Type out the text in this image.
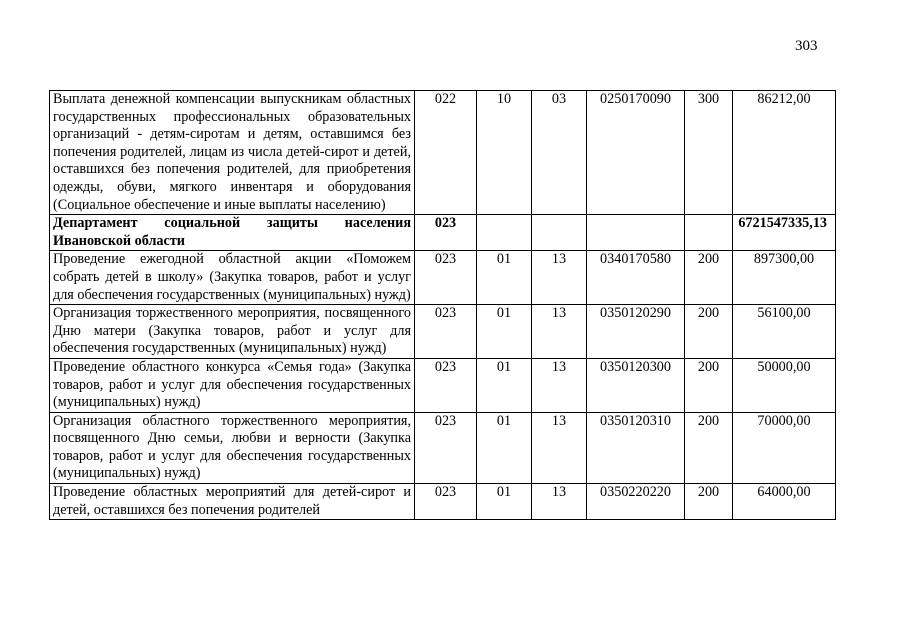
303
Выплата денежной компенсации выпускникам областных государственных профессиональных образовательных организаций - детям-сиротам и детям, оставшимся без попечения родителей, лицам из числа детей-сирот и детей, оставшихся без попечения родителей, для приобретения одежды, обуви, мягкого инвентаря и оборудования (Социальное обеспечение и иные выплаты населению)	022	10	03	0250170090	300	86212,00
Департамент социальной защиты населения Ивановской области	023					6721547335,13
Проведение ежегодной областной акции «Поможем собрать детей в школу» (Закупка товаров, работ и услуг для обеспечения государственных (муниципальных) нужд)	023	01	13	0340170580	200	897300,00
Организация торжественного мероприятия, посвященного Дню матери (Закупка товаров, работ и услуг для обеспечения государственных (муниципальных) нужд)	023	01	13	0350120290	200	56100,00
Проведение областного конкурса «Семья года» (Закупка товаров, работ и услуг для обеспечения государственных (муниципальных) нужд)	023	01	13	0350120300	200	50000,00
Организация областного торжественного мероприятия, посвященного Дню семьи, любви и верности (Закупка товаров, работ и услуг для обеспечения государственных (муниципальных) нужд)	023	01	13	0350120310	200	70000,00
Проведение областных мероприятий для детей-сирот и детей, оставшихся без попечения родителей	023	01	13	0350220220	200	64000,00
